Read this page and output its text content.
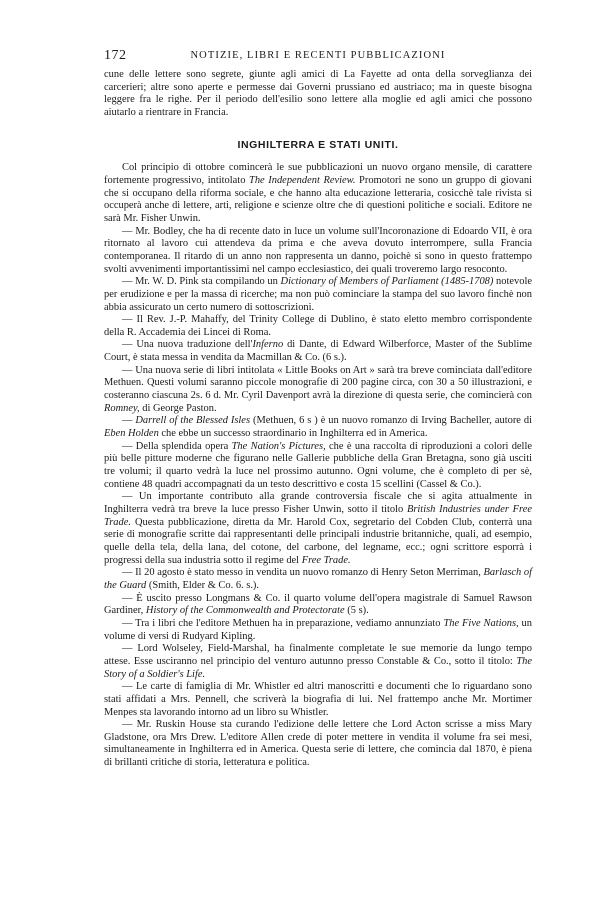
172	NOTIZIE, LIBRI E RECENTI PUBBLICAZIONI

cune delle lettere sono segrete, giunte agli amici di La Fayette ad onta della sorveglianza dei carcerieri; altre sono aperte e permesse dai Governi prussiano ed austriaco; ma in queste bisogna leggere fra le righe. Per il periodo dell'esilio sono lettere alla moglie ed agli amici che possono aiutarlo a rientrare in Francia.

INGHILTERRA E STATI UNITI.

Col principio di ottobre comincerà le sue pubblicazioni un nuovo organo mensile, di carattere fortemente progressivo, intitolato The Independent Review. Promotori ne sono un gruppo di giovani che si occupano della riforma sociale, e che hanno alta educazione letteraria, cosicchè tale rivista si occuperà anche di lettere, arti, religione e scienze oltre che di questioni politiche e sociali. Editore ne sarà Mr. Fisher Unwin.

— Mr. Bodley, che ha di recente dato in luce un volume sull'Incoronazione di Edoardo VII, è ora ritornato al lavoro cui attendeva da prima e che aveva dovuto interrompere, sulla Francia contemporanea. Il ritardo di un anno non rappresenta un danno, poichè si sono in questo frattempo svolti avvenimenti importantissimi nel campo ecclesiastico, dei quali troveremo largo resoconto.

— Mr. W. D. Pink sta compilando un Dictionary of Members of Parliament (1485-1708) notevole per erudizione e per la massa di ricerche; ma non può cominciare la stampa del suo lavoro finchè non abbia assicurato un certo numero di sottoscrizioni.

— Il Rev. J.-P. Mahaffy, del Trinity College di Dublino, è stato eletto membro corrispondente della R. Accademia dei Lincei di Roma.

— Una nuova traduzione dell'Inferno di Dante, di Edward Wilberforce, Master of the Sublime Court, è stata messa in vendita da Macmillan & Co. (6 s.).

— Una nuova serie di libri intitolata « Little Books on Art » sarà tra breve cominciata dall'editore Methuen. Questi volumi saranno piccole monografie di 200 pagine circa, con 30 a 50 illustrazioni, e costeranno ciascuna 2s. 6 d. Mr. Cyril Davenport avrà la direzione di questa serie, che comincierà con Romney, di George Paston.

— Darrell of the Blessed Isles (Methuen, 6 s ) è un nuovo romanzo di Irving Bacheller, autore di Eben Holden che ebbe un successo straordinario in Inghilterra ed in America.

— Della splendida opera The Nation's Pictures, che è una raccolta di riproduzioni a colori delle più belle pitture moderne che figurano nelle Gallerie pubbliche della Gran Bretagna, sono già usciti tre volumi; il quarto vedrà la luce nel prossimo autunno. Ogni volume, che è completo di per sè, contiene 48 quadri accompagnati da un testo descrittivo e costa 15 scellini (Cassel & Co.).

— Un importante contributo alla grande controversia fiscale che si agita attualmente in Inghilterra vedrà tra breve la luce presso Fisher Unwin, sotto il titolo British Industries under Free Trade. Questa pubblicazione, diretta da Mr. Harold Cox, segretario del Cobden Club, conterrà una serie di monografie scritte dai rappresentanti delle principali industrie britanniche, quali, ad esempio, quelle della tela, della lana, del cotone, del carbone, del legname, ecc.; ogni scrittore esporrà i progressi della sua industria sotto il regime del Free Trade.

— Il 20 agosto è stato messo in vendita un nuovo romanzo di Henry Seton Merriman, Barlasch of the Guard (Smith, Elder & Co. 6. s.).

— È uscito presso Longmans & Co. il quarto volume dell'opera magistrale di Samuel Rawson Gardiner, History of the Commonwealth and Protectorate (5 s).

— Tra i libri che l'editore Methuen ha in preparazione, vediamo annunziato The Five Nations, un volume di versi di Rudyard Kipling.

— Lord Wolseley, Field-Marshal, ha finalmente completate le sue memorie da lungo tempo attese. Esse usciranno nel principio del venturo autunno presso Constable & Co., sotto il titolo: The Story of a Soldier's Life.

— Le carte di famiglia di Mr. Whistler ed altri manoscritti e documenti che lo riguardano sono stati affidati a Mrs. Pennell, che scriverà la biografia di lui. Nel frattempo anche Mr. Mortimer Menpes sta lavorando intorno ad un libro su Whistler.

— Mr. Ruskin House sta curando l'edizione delle lettere che Lord Acton scrisse a miss Mary Gladstone, ora Mrs Drew. L'editore Allen crede di poter mettere in vendita il volume fra sei mesi, simultaneamente in Inghilterra ed in America. Questa serie di lettere, che comincia dal 1870, è piena di brillanti critiche di storia, letteratura e politica.
